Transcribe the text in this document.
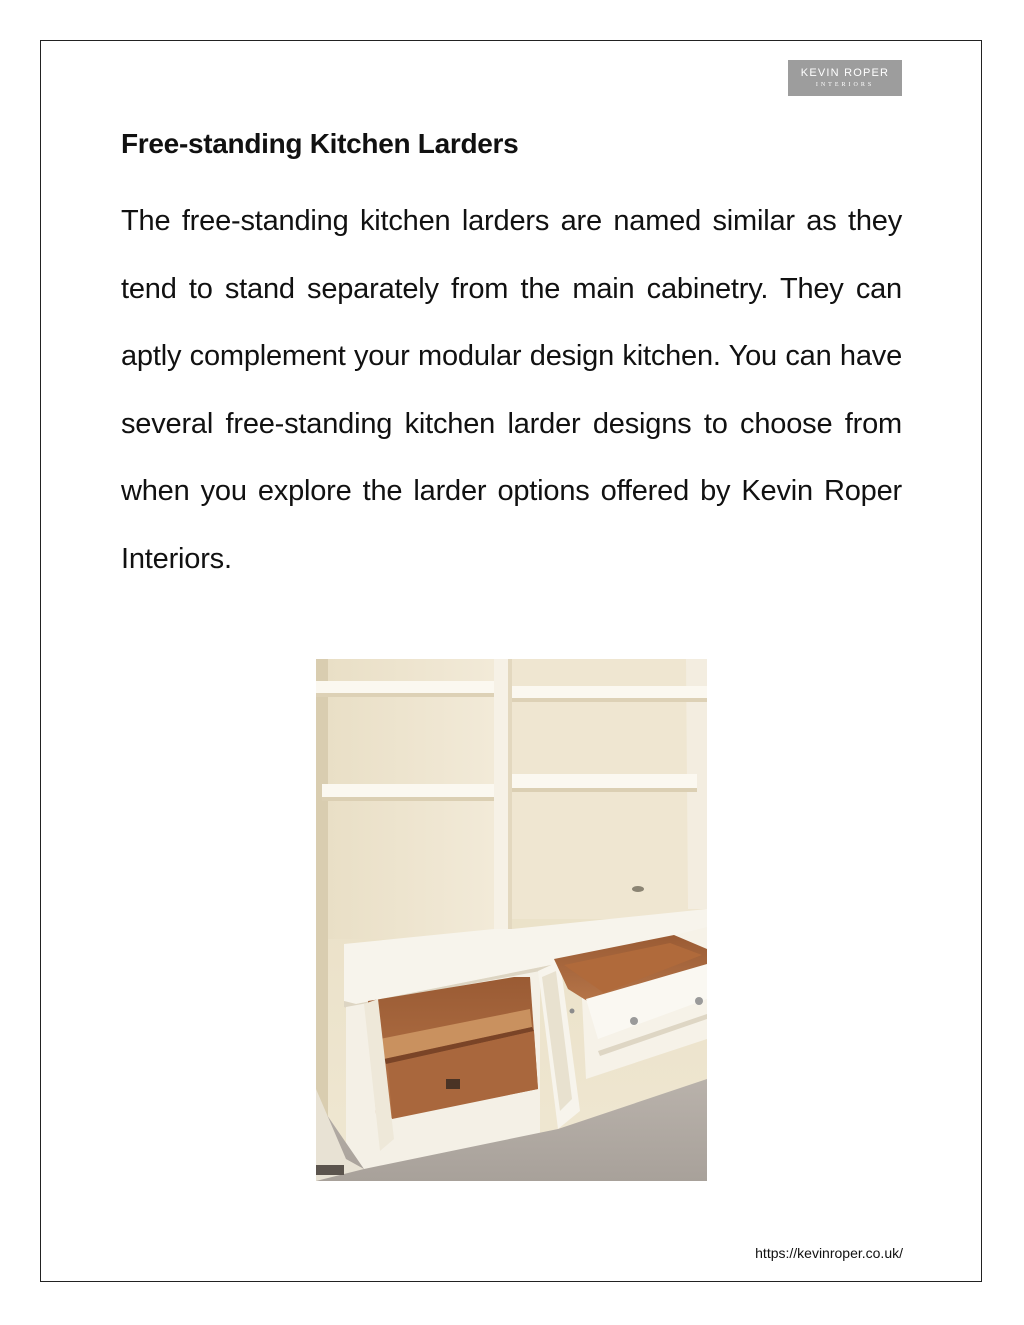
KEVIN ROPER
INTERIORS
Free-standing Kitchen Larders

The free-standing kitchen larders are named similar as they tend to stand separately from the main cabinetry. They can aptly complement your modular design kitchen. You can have several free-standing kitchen larder designs to choose from when you explore the larder options offered by Kevin Roper Interiors.

https://kevinroper.co.uk/
